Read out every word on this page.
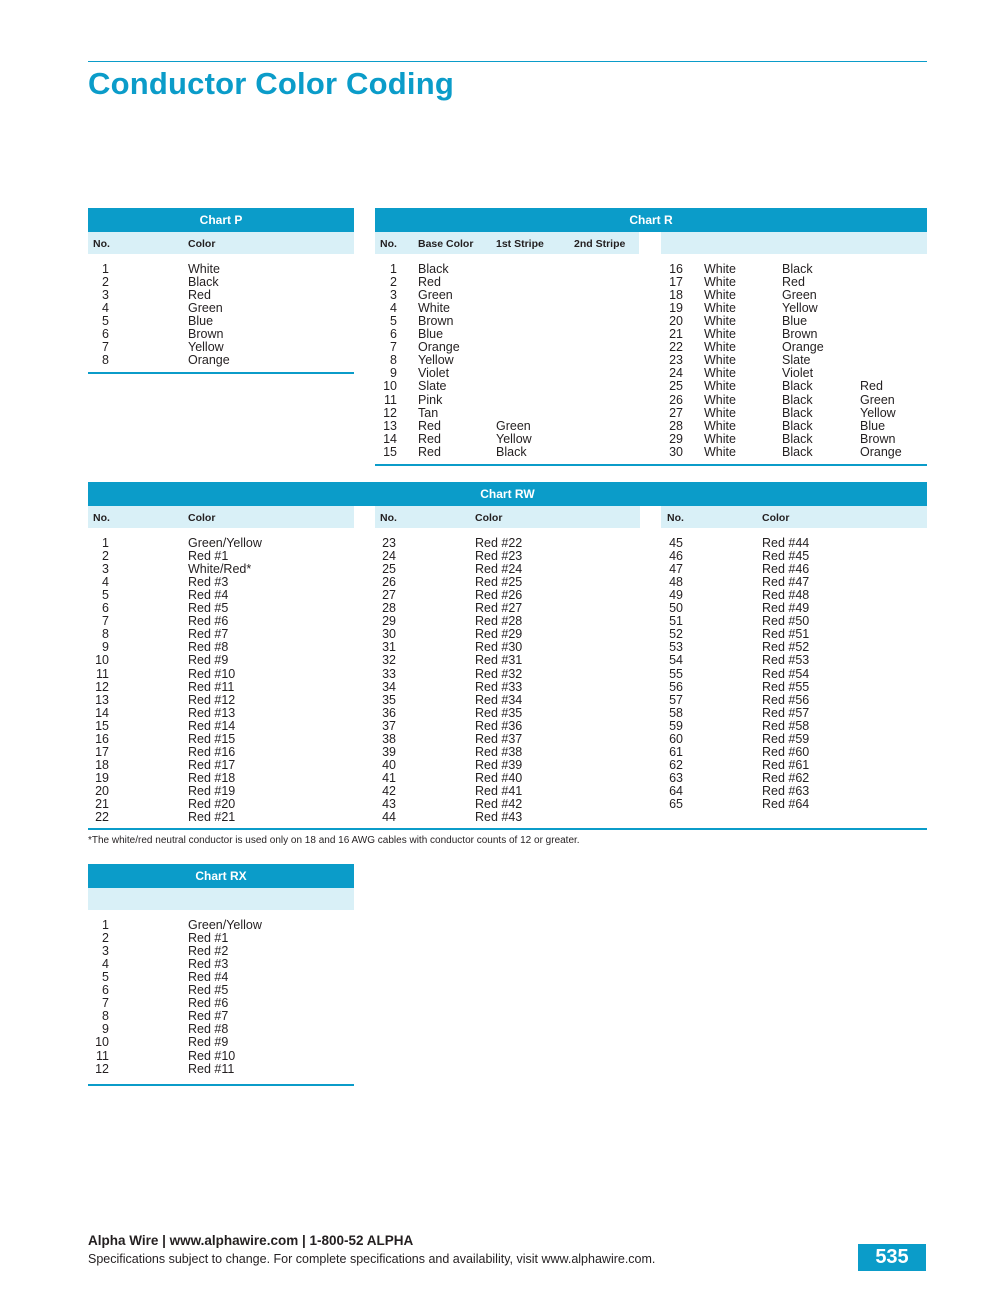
Conductor Color Coding
Chart P
No.	Color
1	White
2	Black
3	Red
4	Green
5	Blue
6	Brown
7	Yellow
8	Orange
Chart R
No. Base Color 1st Stripe	2nd Stripe
1 Black
2 Red
3 Green
4 White
5 Brown
6 Blue
7 Orange
8 Yellow
9 Violet
10 Slate
11 Pink
12 Tan
13 Red	Green
14 Red	Yellow
15 Red	Black
16 White	Black
17 White	Red
18 White	Green
19 White	Yellow
20 White	Blue
21 White	Brown
22 White	Orange
23 White	Slate
24 White	Violet
25 White	Black	Red
26 White	Black	Green
27 White	Black	Yellow
28 White	Black	Blue
29 White	Black	Brown
30 White	Black	Orange
Chart RW
No.	Color	No.	Color	No.	Color
1	Green/Yellow
2	Red #1
3	White/Red*
4	Red #3
5	Red #4
6	Red #5
7	Red #6
8	Red #7
9	Red #8
10	Red #9
11	Red #10
12	Red #11
13	Red #12
14	Red #13
15	Red #14
16	Red #15
17	Red #16
18	Red #17
19	Red #18
20	Red #19
21	Red #20
22	Red #21
23	Red #22
24	Red #23
25	Red #24
26	Red #25
27	Red #26
28	Red #27
29	Red #28
30	Red #29
31	Red #30
32	Red #31
33	Red #32
34	Red #33
35	Red #34
36	Red #35
37	Red #36
38	Red #37
39	Red #38
40	Red #39
41	Red #40
42	Red #41
43	Red #42
44	Red #43
45	Red #44
46	Red #45
47	Red #46
48	Red #47
49	Red #48
50	Red #49
51	Red #50
52	Red #51
53	Red #52
54	Red #53
55	Red #54
56	Red #55
57	Red #56
58	Red #57
59	Red #58
60	Red #59
61	Red #60
62	Red #61
63	Red #62
64	Red #63
65	Red #64
*The white/red neutral conductor is used only on 18 and 16 AWG cables with conductor counts of 12 or greater.
Chart RX
1	Green/Yellow
2	Red #1
3	Red #2
4	Red #3
5	Red #4
6	Red #5
7	Red #6
8	Red #7
9	Red #8
10	Red #9
11	Red #10
12	Red #11
Alpha Wire | www.alphawire.com | 1-800-52 ALPHA
Specifications subject to change. For complete specifications and availability, visit www.alphawire.com.	535
